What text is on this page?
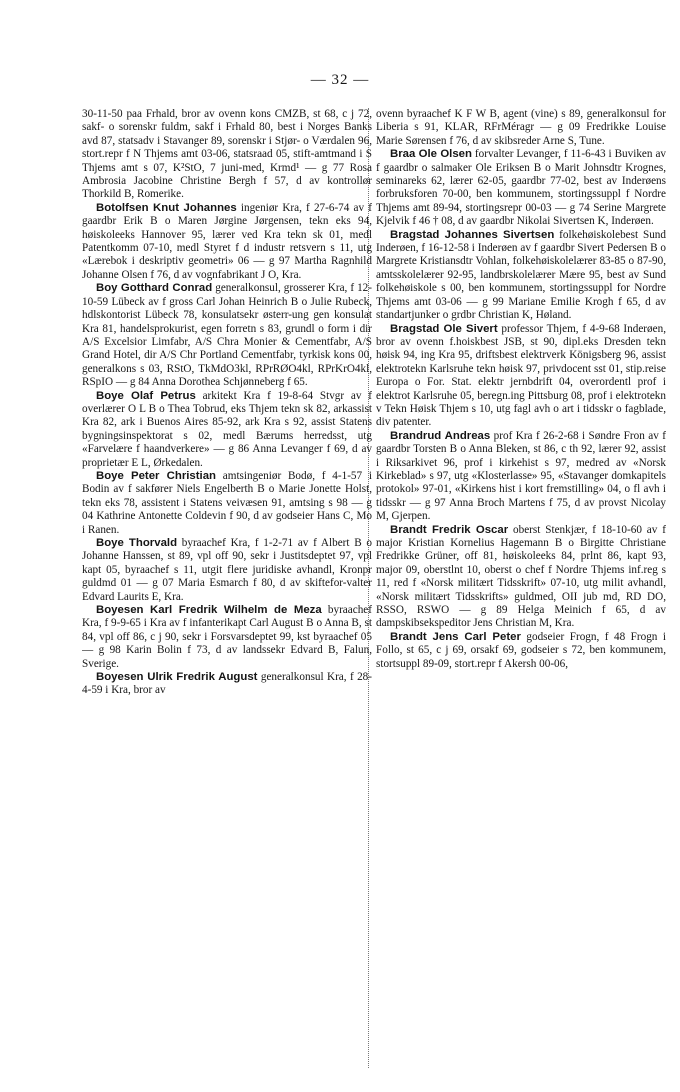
— 32 —

30-11-50 paa Frhald, bror av ovenn kons CMZB, st 68, c j 72, sakf- o sorenskr fuldm, sakf i Frhald 80, best i Norges Banks avd 87, statsadv i Stavanger 89, sorenskr i Stjør- o Værdalen 96, stort.repr f N Thjems amt 03-06, statsraad 05, stift-amtmand i S Thjems amt s 07, K²StO, 7 juni-med, Krmd¹ — g 77 Rosa Ambrosia Jacobine Christine Bergh f 57, d av kontrollør Thorkild B, Romerike.

Botolfsen Knut Johannes ingeniør Kra, f 27-6-74 av f gaardbr Erik B o Maren Jørgine Jørgensen, tekn eks 94, høiskoleeks Hannover 95, lærer ved Kra tekn sk 01, medl Patentkomm 07-10, medl Styret f d industr retsvern s 11, utg «Lærebok i deskriptiv geometri» 06 — g 97 Martha Ragnhild Johanne Olsen f 76, d av vognfabrikant J O, Kra.

Boy Gotthard Conrad generalkonsul, grosserer Kra, f 12-10-59 Lübeck av f gross Carl Johan Heinrich B o Julie Rubeck, hdlskontorist Lübeck 78, konsulatsekr østerr-ung gen konsulat Kra 81, handelsprokurist, egen forretn s 83, grundl o form i dir A/S Excelsior Limfabr, A/S Chra Monier & Cementfabr, A/S Grand Hotel, dir A/S Chr Portland Cementfabr, tyrkisk kons 00, generalkons s 03, RStO, TkMdO3kl, RPrRØO4kl, RPrKrO4kl, RSpIO — g 84 Anna Dorothea Schjønneberg f 65.

Boye Olaf Petrus arkitekt Kra f 19-8-64 Stvgr av f overlærer O L B o Thea Tobrud, eks Thjem tekn sk 82, arkassist Kra 82, ark i Buenos Aires 85-92, ark Kra s 92, assist Statens bygningsinspektorat s 02, medl Bærums herredsst, utg «Farvelære f haandverkere» — g 86 Anna Levanger f 69, d av proprietær E L, Ørkedalen.

Boye Peter Christian amtsingeniør Bodø, f 4-1-57 i Bodin av f sakfører Niels Engelberth B o Marie Jonette Holst, tekn eks 78, assistent i Statens veivæsen 91, amtsing s 98 — g 04 Kathrine Antonette Coldevin f 90, d av godseier Hans C, Mo i Ranen.

Boye Thorvald byraachef Kra, f 1-2-71 av f Albert B o Johanne Hanssen, st 89, vpl off 90, sekr i Justitsdeptet 97, vpl kapt 05, byraachef s 11, utgit flere juridiske avhandl, Kronpr guldmd 01 — g 07 Maria Esmarch f 80, d av skiftefor-valter Edvard Laurits E, Kra.

Boyesen Karl Fredrik Wilhelm de Meza byraachef Kra, f 9-9-65 i Kra av f infanterikapt Carl August B o Anna B, st 84, vpl off 86, c j 90, sekr i Forsvarsdeptet 99, kst byraachef 05 — g 98 Karin Bolin f 73, d av landssekr Edvard B, Falun, Sverige.

Boyesen Ulrik Fredrik August generalkonsul Kra, f 28-4-59 i Kra, bror av

ovenn byraachef K F W B, agent (vine) s 89, generalkonsul for Liberia s 91, KLAR, RFrMéragr — g 09 Fredrikke Louise Marie Sørensen f 76, d av skibsreder Arne S, Tune.

Braa Ole Olsen forvalter Levanger, f 11-6-43 i Buviken av f gaardbr o salmaker Ole Eriksen B o Marit Johnsdtr Krognes, seminareks 62, lærer 62-05, gaardbr 77-02, best av Inderøens forbruksforen 70-00, ben kommunem, stortingssuppl f Nordre Thjems amt 89-94, stortingsrepr 00-03 — g 74 Serine Margrete Kjelvik f 46 † 08, d av gaardbr Nikolai Sivertsen K, Inderøen.

Bragstad Johannes Sivertsen folkehøiskolebest Sund Inderøen, f 16-12-58 i Inderøen av f gaardbr Sivert Pedersen B o Margrete Kristiansdtr Vohlan, folkehøiskolelærer 83-85 o 87-90, amtsskolelærer 92-95, landbrskolelærer Mære 95, best av Sund folkehøiskole s 00, ben kommunem, stortingssuppl for Nordre Thjems amt 03-06 — g 99 Mariane Emilie Krogh f 65, d av standartjunker o grdbr Christian K, Høland.

Bragstad Ole Sivert professor Thjem, f 4-9-68 Inderøen, bror av ovenn f.hoiskbest JSB, st 90, dipl.eks Dresden tekn høisk 94, ing Kra 95, driftsbest elektrverk Königsberg 96, assist elektrotekn Karlsruhe tekn høisk 97, privdocent sst 01, stip.reise Europa o For. Stat. elektr jernbdrift 04, overordentl prof i elektrot Karlsruhe 05, beregn.ing Pittsburg 08, prof i elektrotekn v Tekn Høisk Thjem s 10, utg fagl avh o art i tidsskr o fagblade, div patenter.

Brandrud Andreas prof Kra f 26-2-68 i Søndre Fron av f gaardbr Torsten B o Anna Bleken, st 86, c th 92, lærer 92, assist i Riksarkivet 96, prof i kirkehist s 97, medred av «Norsk Kirkeblad» s 97, utg «Klosterlasse» 95, «Stavanger domkapitels protokol» 97-01, «Kirkens hist i kort fremstilling» 04, o fl avh i tidsskr — g 97 Anna Broch Martens f 75, d av provst Nicolay M, Gjerpen.

Brandt Fredrik Oscar oberst Stenkjær, f 18-10-60 av f major Kristian Kornelius Hagemann B o Birgitte Christiane Fredrikke Grüner, off 81, høiskoleeks 84, prlnt 86, kapt 93, major 09, oberstlnt 10, oberst o chef f Nordre Thjems inf.reg s 11, red f «Norsk militært Tidsskrift» 07-10, utg milit avhandl, «Norsk militært Tidsskrifts» guldmed, OII jub md, RD DO, RSSO, RSWO — g 89 Helga Meinich f 65, d av dampskibsekspeditor Jens Christian M, Kra.

Brandt Jens Carl Peter godseier Frogn, f 48 Frogn i Follo, st 65, c j 69, orsakf 69, godseier s 72, ben kommunem, stortsuppl 89-09, stort.repr f Akersh 00-06,
